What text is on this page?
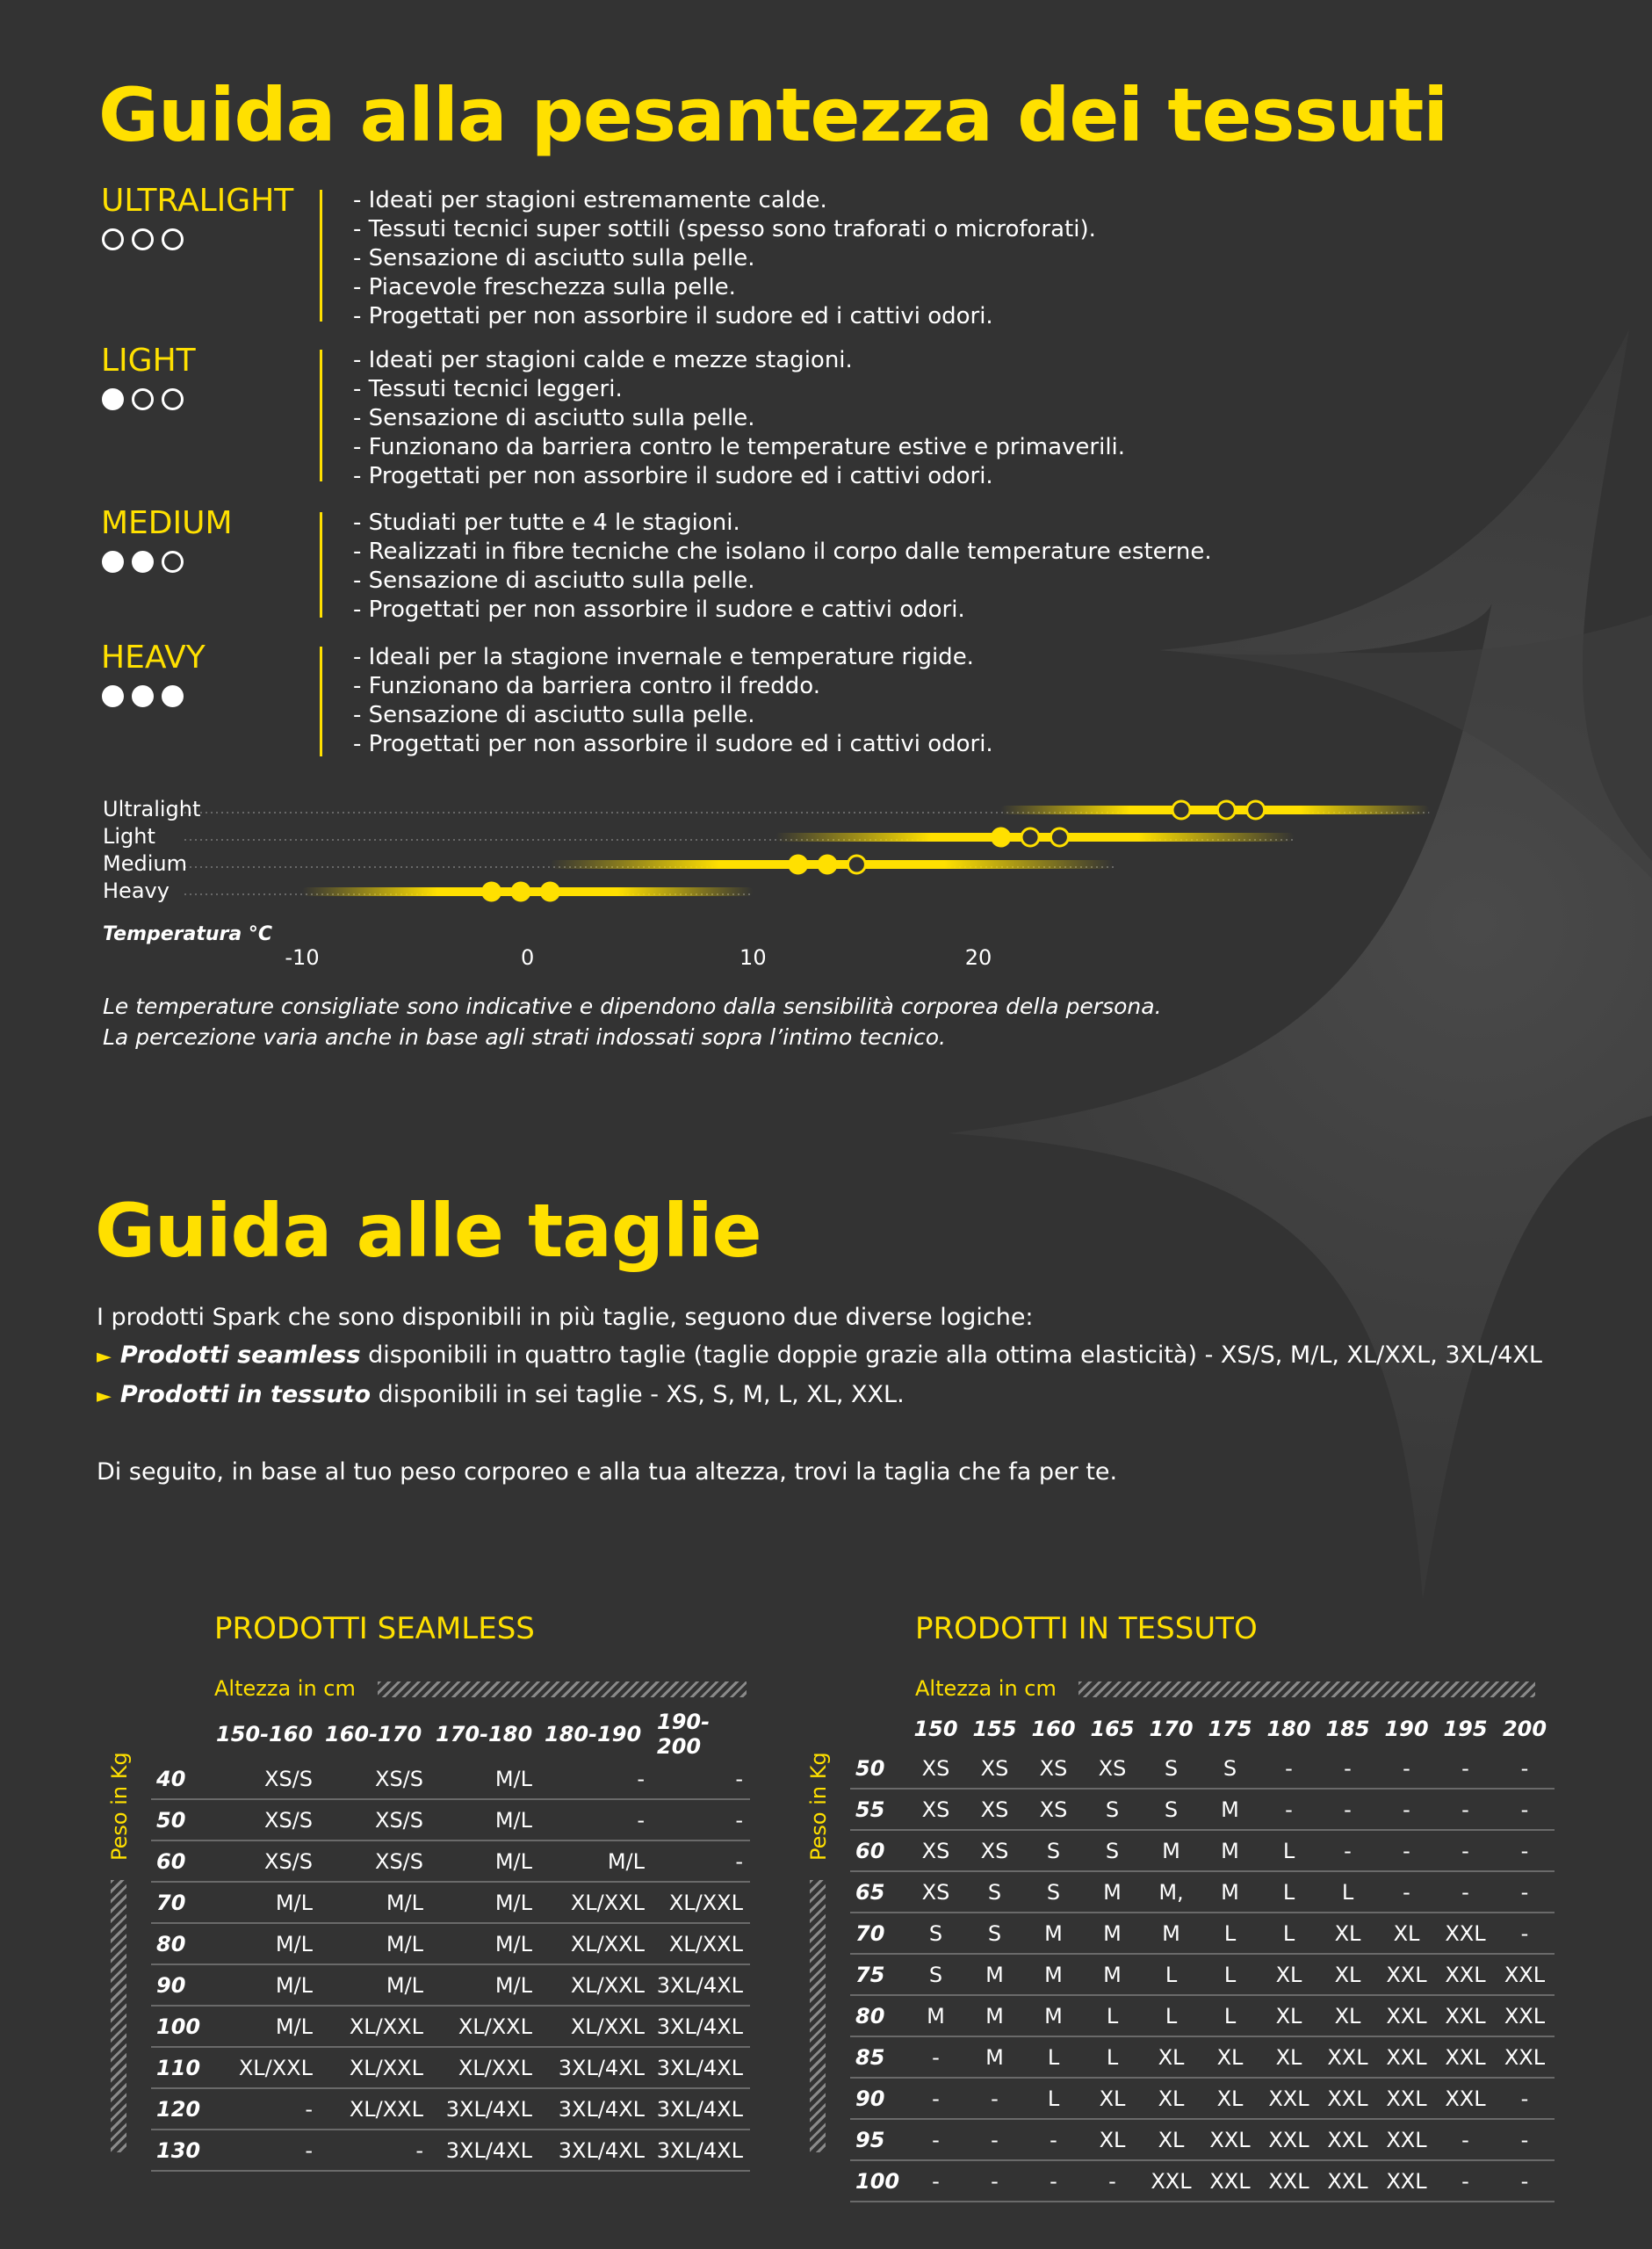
Guida alla pesantezza dei tessuti
ULTRALIGHT	- Ideati per stagioni estremamente calde.
- Tessuti tecnici super sottili (spesso sono traforati o microforati).
- Sensazione di asciutto sulla pelle.
- Piacevole freschezza sulla pelle.
- Progettati per non assorbire il sudore ed i cattivi odori.
LIGHT	- Ideati per stagioni calde e mezze stagioni.
- Tessuti tecnici leggeri.
- Sensazione di asciutto sulla pelle.
- Funzionano da barriera contro le temperature estive e primaverili.
- Progettati per non assorbire il sudore ed i cattivi odori.
MEDIUM	- Studiati per tutte e 4 le stagioni.
- Realizzati in fibre tecniche che isolano il corpo dalle temperature esterne.
- Sensazione di asciutto sulla pelle.
- Progettati per non assorbire il sudore e cattivi odori.
HEAVY	- Ideali per la stagione invernale e temperature rigide.
- Funzionano da barriera contro il freddo.
- Sensazione di asciutto sulla pelle.
- Progettati per non assorbire il sudore ed i cattivi odori.
Ultralight
Light
Medium
Heavy
Temperatura °C
-10	0	10	20

Le temperature consigliate sono indicative e dipendono dalla sensibilità corporea della persona.
La percezione varia anche in base agli strati indossati sopra l’intimo tecnico.

Guida alle taglie

I prodotti Spark che sono disponibili in più taglie, seguono due diverse logiche:

► Prodotti seamless disponibili in quattro taglie (taglie doppie grazie alla ottima elasticità) - XS/S, M/L, XL/XXL, 3XL/4XL

► Prodotti in tessuto disponibili in sei taglie - XS, S, M, L, XL, XXL.

Di seguito, in base al tuo peso corporeo e alla tua altezza, trovi la taglia che fa per te.

PRODOTTI SEAMLESS
Altezza in cm
Peso in Kg
	150-160	160-170	170-180	180-190	190-200
40	XS/S	XS/S	M/L	-	-
50	XS/S	XS/S	M/L	-	-
60	XS/S	XS/S	M/L	M/L	-
70	M/L	M/L	M/L	XL/XXL	XL/XXL
80	M/L	M/L	M/L	XL/XXL	XL/XXL
90	M/L	M/L	M/L	XL/XXL	3XL/4XL
100	M/L	XL/XXL	XL/XXL	XL/XXL	3XL/4XL
110	XL/XXL	XL/XXL	XL/XXL	3XL/4XL	3XL/4XL
120	-	XL/XXL	3XL/4XL	3XL/4XL	3XL/4XL
130	-	-	3XL/4XL	3XL/4XL	3XL/4XL
PRODOTTI IN TESSUTO
Altezza in cm
Peso in Kg
	150	155	160	165	170	175	180	185	190	195	200
50	XS	XS	XS	XS	S	S	-	-	-	-	-
55	XS	XS	XS	S	S	M	-	-	-	-	-
60	XS	XS	S	S	M	M	L	-	-	-	-
65	XS	S	S	M	M,	M	L	L	-	-	-
70	S	S	M	M	M	L	L	XL	XL	XXL	-
75	S	M	M	M	L	L	XL	XL	XXL	XXL	XXL
80	M	M	M	L	L	L	XL	XL	XXL	XXL	XXL
85	-	M	L	L	XL	XL	XL	XXL	XXL	XXL	XXL
90	-	-	L	XL	XL	XL	XXL	XXL	XXL	XXL	-
95	-	-	-	XL	XL	XXL	XXL	XXL	XXL	-	-
100	-	-	-	-	XXL	XXL	XXL	XXL	XXL	-	-
